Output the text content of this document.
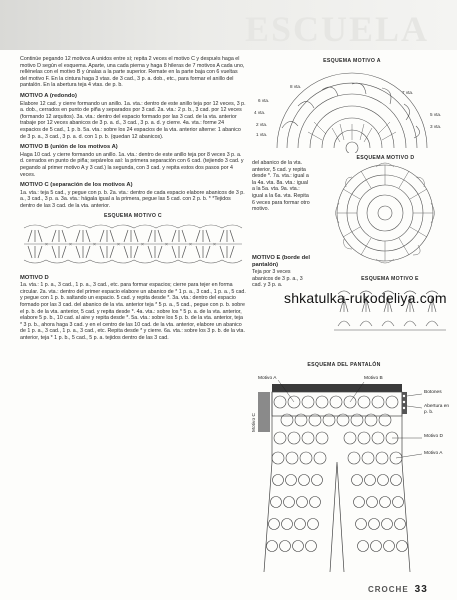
ESCUELA

Continúe pegando 12 motivos A unidos entre sí; repita 2 veces el motivo C y después haga el motivo D según el esquema. Aparte, una cada pierna y haga 8 hileras de 7 motivos A cada uno, rellénelas con el motivo B y únalas a la parte superior. Remate en la parte baja con 6 vueltas del motivo F. En la cintura haga 3 vtas. de 3 cad., 3 p. a. dob., etc., para formar el anillo del pantalón. En la abertura teja 4 vtas. de p. b.

MOTIVO A (redondo)

Elabore 12 cad. y cierre formando un anillo. 1a. vta.: dentro de este anillo teja por 12 veces, 3 p. a. dob., cerrados en punto de piña y separados por 3 cad. 2a. vta.: 2 p. b., 3 cad. por 12 veces (formando 12 arquitos). 3a. vta.: dentro del espacio formado por las 3 cad. de la vta. anterior trabaje por 12 veces abanicos de 3 p. a. d., 3 cad., 3 p. a. d. y cierre. 4a. vta.: forme 24 espacios de 5 cad., 1 p. b. 5a. vta.: sobre los 24 espacios de la vta. anterior alterne: 1 abanico de 3 p. a., 3 cad., 3 p. a. d. con 1 p. b. (quedan 12 abanicos).

MOTIVO B (unión de los motivos A)

Haga 10 cad. y cierre formando un anillo. 1a. vta.: dentro de este anillo teja por 8 veces 3 p. a. d. cerrados en punto de piña; sepárelos así: la primera separación con 6 cad. (tejiendo 3 cad. y pegando al primer motivo A y 3 cad.) la segunda, con 3 cad. y repita estos dos pasos por 4 veces.

MOTIVO C (separación de los motivos A)

1a. vta.: teja 5 cad., y pegue con p. b. 2a. vta.: dentro de cada espacio elabore abanicos de 3 p. a., 3 cad., 3 p. a. 3a. vta.: hágala igual a la primera, pegue las 5 cad. con 2 p. b. * *Tejidos dentro de las 3 cad. de la vta. anterior.

ESQUEMA MOTIVO C
×	×	×	×	×	×	×	×
MOTIVO D

1a. vta.: 1 p. a., 3 cad., 1 p. a., 3 cad., etc. para formar espacios; cierre para tejer en forma circular. 2a. vta.: dentro del primer espacio elabore un abanico de * 1 p. a., 3 cad., 1 p. a., 5 cad. y pegue con 1 p. b. saltando un espacio. 5 cad. y repita desde *. 3a. vta.: dentro del espacio formado por las 3 cad. del abanico de la vta. anterior teja * 5 p. a., 5 cad., pegue con p. b. sobre el p. b. de la vta. anterior, 5 cad. y repita desde *. 4a. vta.: sobre los * 5 p. a. de la vta. anterior, elabore 5 p. b., 10 cad. al aire y repita desde *. 5a. vta.: sobre los 5 p. b. de la vta. anterior, teja * 3 p. b., ahora haga 3 cad. y en el centro de las 10 cad. de la vta. anterior, elabore un abanico de 1 p. a., 3 cad., 1 p. a., 3 cad., etc. Repita desde * y cierre. 6a. vta.: sobre los 3 p. b. de la vta. anterior, teja * 1 p. b., 5 cad., 5 p. a. tejidos dentro de las 3 cad.

ESQUEMA MOTIVO A
8 vta.
7 vta.
6 vta.
5 vta.
4 vta.
3 vta.
2 vta.
1 vta.

del abanico de la vta. anterior, 5 cad. y repita desde *. 7a. vta.: igual a la 4a. vta. 8a. vta.: igual a la 5a. vta. 9a. vta.: igual a la 6a. vta. Repita 6 veces para formar otro motivo.

MOTIVO E (borde del pantalón)

Teja por 3 veces abanicos de 3 p. a., 3 cad. y 3 p. a.

ESQUEMA MOTIVO D
ESQUEMA MOTIVO E
shkatulka-rukodeliya.com
ESQUEMA DEL PANTALÓN
Motivo A	Motivo B
Botones
Abertura en p. b.
Motivo D
Motivo A
Motivo C
CROCHE 33
